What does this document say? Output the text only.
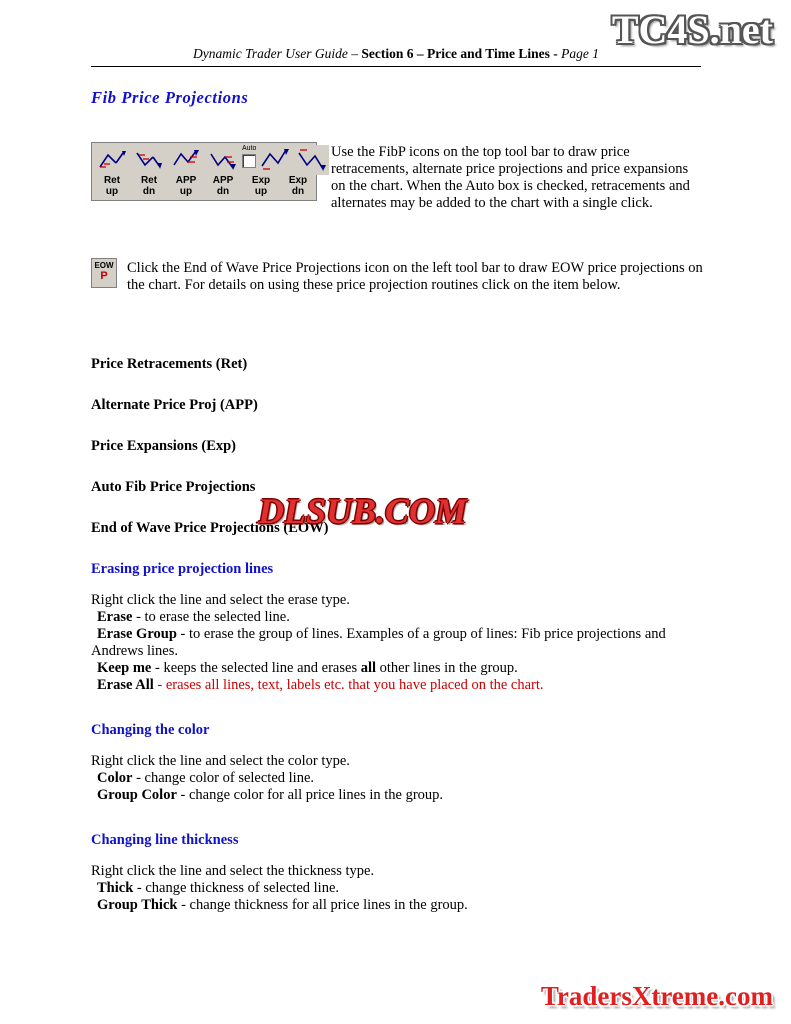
TC4S.net
Dynamic Trader User Guide – Section 6 – Price and Time Lines - Page 1
Fib Price Projections
Auto
Ret
up
Ret
dn
APP
up
APP
dn
Exp
up
Exp
dn
Use the FibP icons on the top tool bar to draw price retracements, alternate price projections and price expansions on the chart. When the Auto box is checked, retracements and alternates may be added to the chart with a single click.
EOW
P	Click the End of Wave Price Projections icon on the left tool bar to draw EOW price projections on the chart. For details on using these price projection routines click on the item below.
Price Retracements (Ret)
Alternate Price Proj (APP)
Price Expansions (Exp)
Auto Fib Price Projections
End of Wave Price Projections (EOW)
Erasing price projection lines
Right click the line and select the erase type.
Erase - to erase the selected line.
Erase Group - to erase the group of lines. Examples of a group of lines: Fib price projections and Andrews lines.
Keep me - keeps the selected line and erases all other lines in the group.
Erase All - erases all lines, text, labels etc. that you have placed on the chart.
Changing the color
Right click the line and select the color type.
Color - change color of selected line.
Group Color - change color for all price lines in the group.
Changing line thickness
Right click the line and select the thickness type.
Thick - change thickness of selected line.
Group Thick - change thickness for all price lines in the group.
DLSUB.COM
TradersXtreme.com
